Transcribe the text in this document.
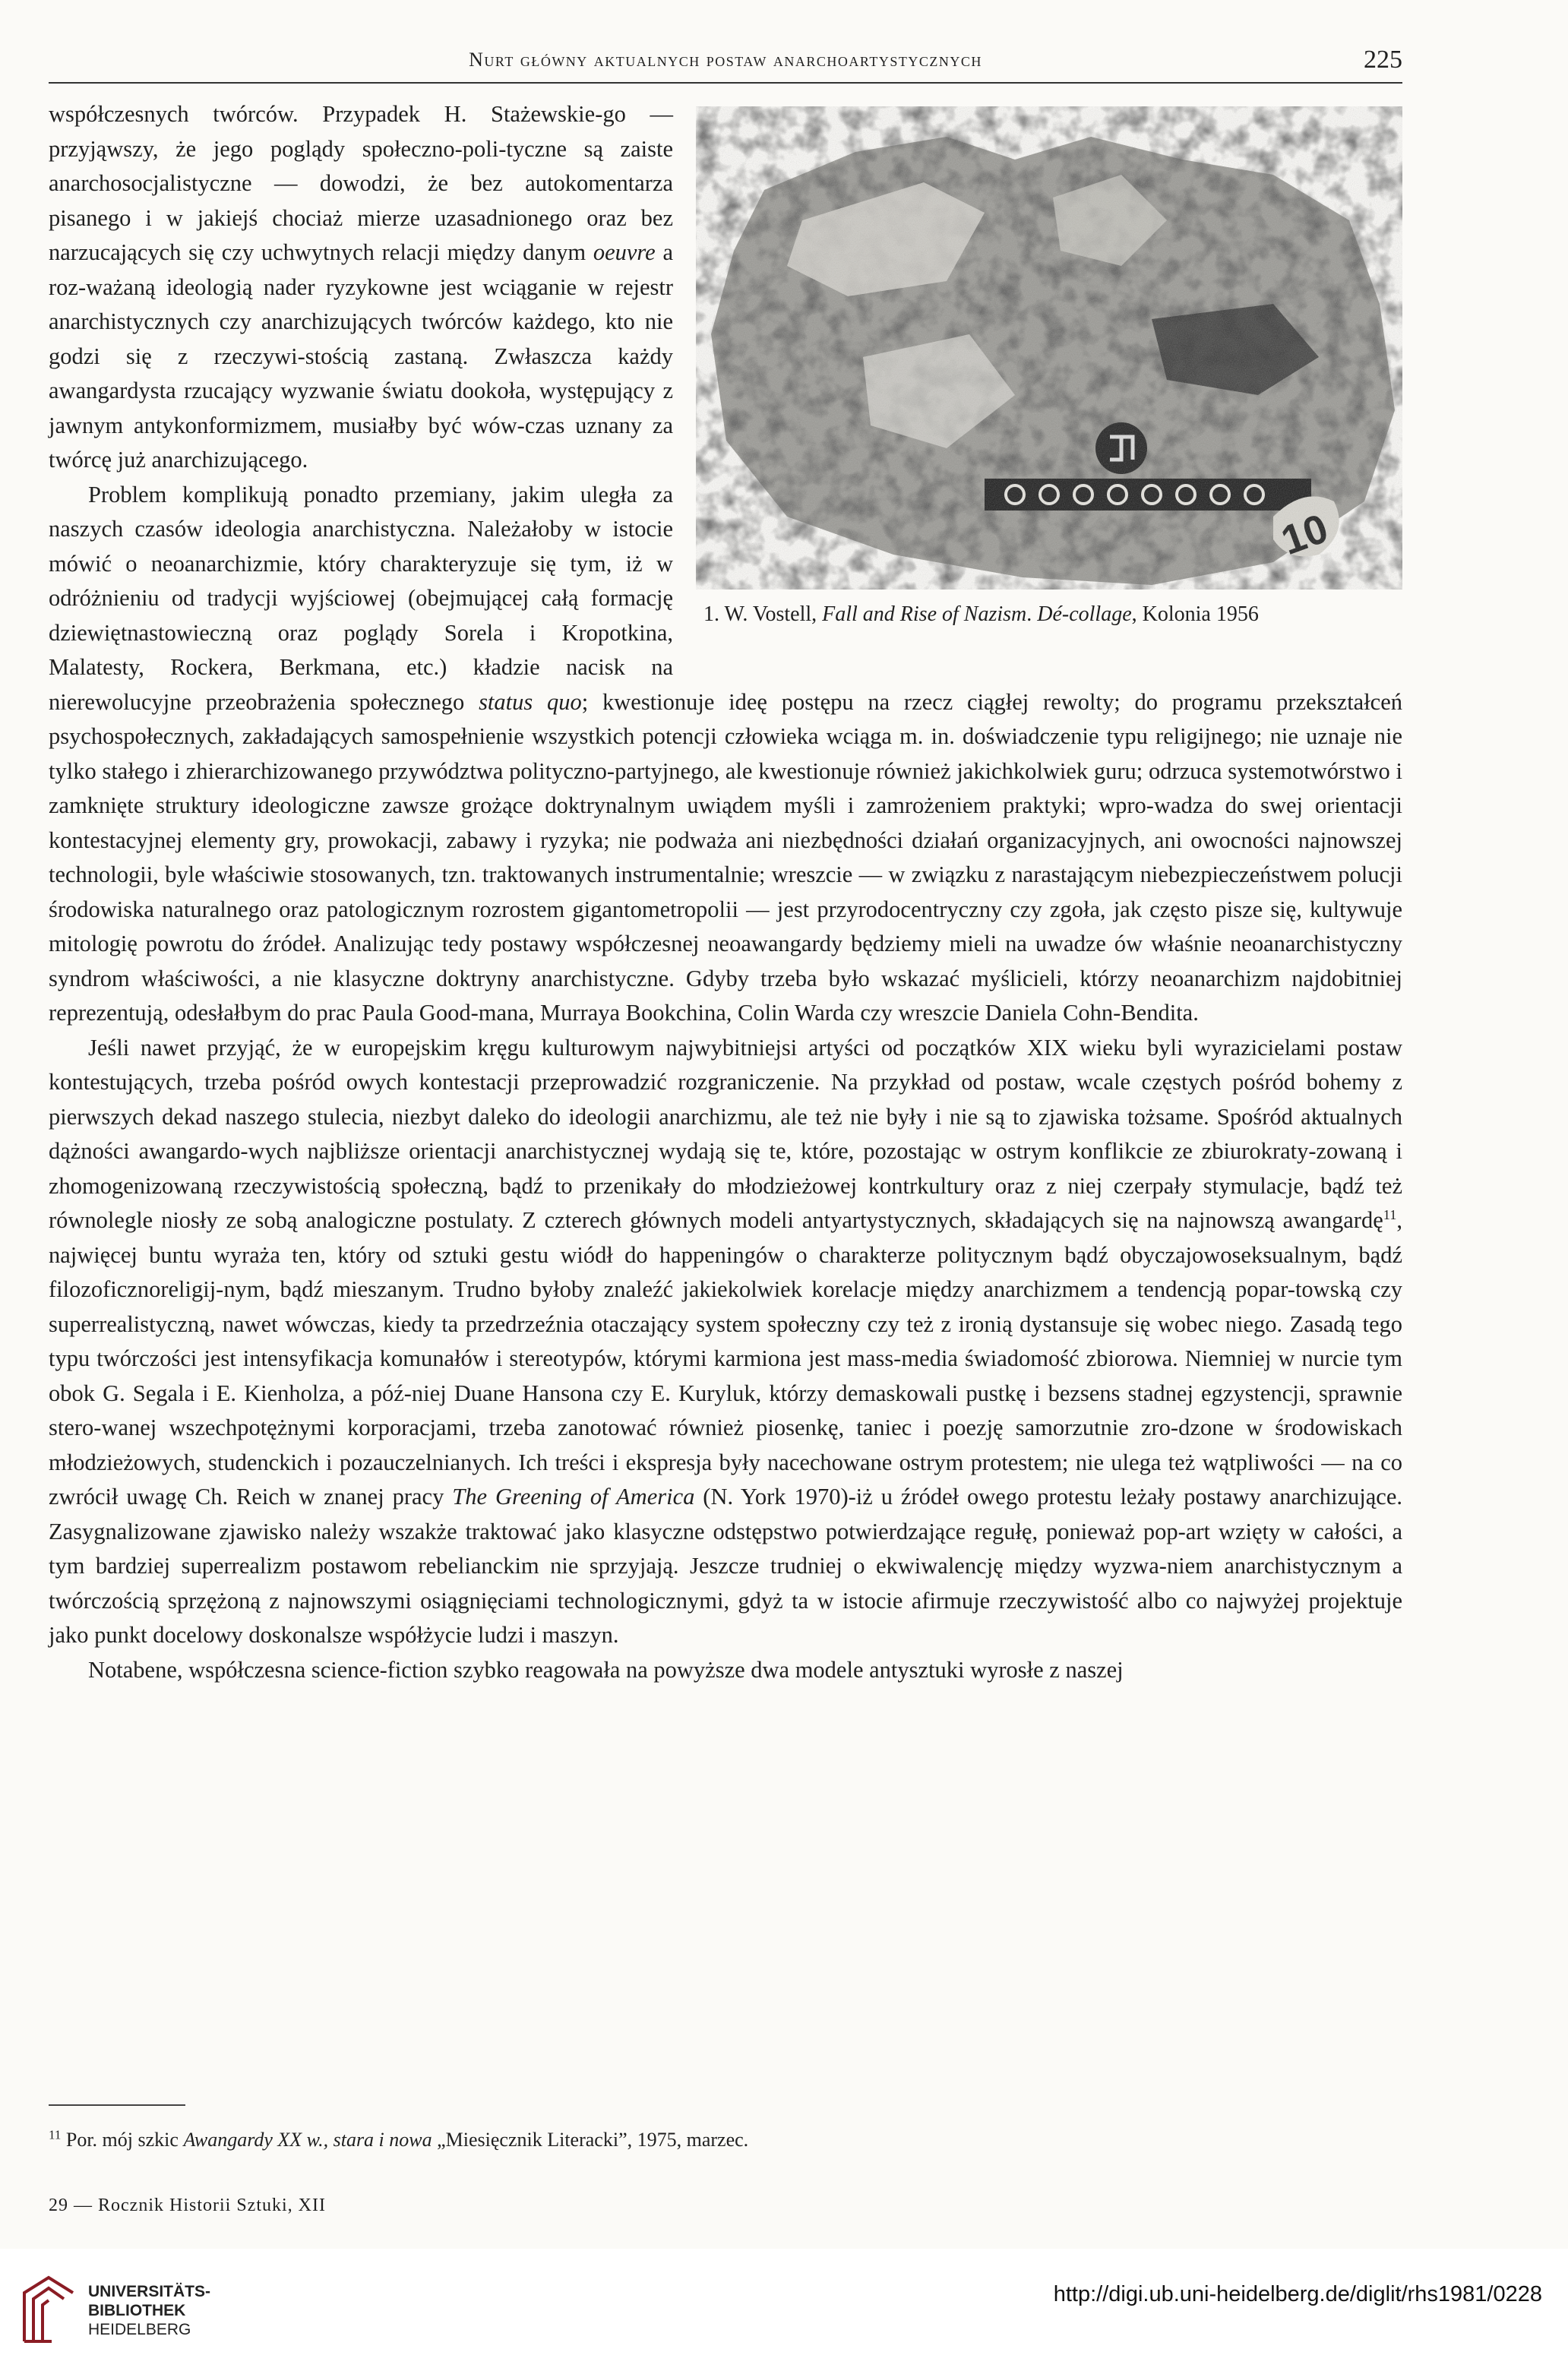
Nurt główny aktualnych postaw anarchoartystycznych	225
1. W. Vostell, Fall and Rise of Nazism. Dé-collage, Kolonia 1956

współczesnych twórców. Przypadek H. Stażewskie-go — przyjąwszy, że jego poglądy społeczno-poli-tyczne są zaiste anarchosocjalistyczne — dowodzi, że bez autokomentarza pisanego i w jakiejś chociaż mierze uzasadnionego oraz bez narzucających się czy uchwytnych relacji między danym oeuvre a roz-ważaną ideologią nader ryzykowne jest wciąganie w rejestr anarchistycznych czy anarchizujących twórców każdego, kto nie godzi się z rzeczywi-stością zastaną. Zwłaszcza każdy awangardysta rzucający wyzwanie światu dookoła, występujący z jawnym antykonformizmem, musiałby być wów-czas uznany za twórcę już anarchizującego.

Problem komplikują ponadto przemiany, jakim uległa za naszych czasów ideologia anarchistyczna. Należałoby w istocie mówić o neoanarchizmie, który charakteryzuje się tym, iż w odróżnieniu od tradycji wyjściowej (obejmującej całą formację dziewiętnastowieczną oraz poglądy Sorela i Kropotkina, Malatesty, Rockera, Berkmana, etc.) kładzie nacisk na nierewolucyjne przeobrażenia społecznego status quo; kwestionuje ideę postępu na rzecz ciągłej rewolty; do programu przekształceń psychospołecznych, zakładających samospełnienie wszystkich potencji człowieka wciąga m. in. doświadczenie typu religijnego; nie uznaje nie tylko stałego i zhierarchizowanego przywództwa polityczno-partyjnego, ale kwestionuje również jakichkolwiek guru; odrzuca systemotwórstwo i zamknięte struktury ideologiczne zawsze grożące doktrynalnym uwiądem myśli i zamrożeniem praktyki; wpro-wadza do swej orientacji kontestacyjnej elementy gry, prowokacji, zabawy i ryzyka; nie podważa ani niezbędności działań organizacyjnych, ani owocności najnowszej technologii, byle właściwie stosowanych, tzn. traktowanych instrumentalnie; wreszcie — w związku z narastającym niebezpieczeństwem polucji środowiska naturalnego oraz patologicznym rozrostem gigantometropolii — jest przyrodocentryczny czy zgoła, jak często pisze się, kultywuje mitologię powrotu do źródeł. Analizując tedy postawy współczesnej neoawangardy będziemy mieli na uwadze ów właśnie neoanarchistyczny syndrom właściwości, a nie klasyczne doktryny anarchistyczne. Gdyby trzeba było wskazać myślicieli, którzy neoanarchizm najdobitniej reprezentują, odesłałbym do prac Paula Good-mana, Murraya Bookchina, Colin Warda czy wreszcie Daniela Cohn-Bendita.

Jeśli nawet przyjąć, że w europejskim kręgu kulturowym najwybitniejsi artyści od początków XIX wieku byli wyrazicielami postaw kontestujących, trzeba pośród owych kontestacji przeprowadzić rozgraniczenie. Na przykład od postaw, wcale częstych pośród bohemy z pierwszych dekad naszego stulecia, niezbyt daleko do ideologii anarchizmu, ale też nie były i nie są to zjawiska tożsame. Spośród aktualnych dążności awangardo-wych najbliższe orientacji anarchistycznej wydają się te, które, pozostając w ostrym konflikcie ze zbiurokraty-zowaną i zhomogenizowaną rzeczywistością społeczną, bądź to przenikały do młodzieżowej kontrkultury oraz z niej czerpały stymulacje, bądź też równolegle niosły ze sobą analogiczne postulaty. Z czterech głównych modeli antyartystycznych, składających się na najnowszą awangardę$^{11}$, najwięcej buntu wyraża ten, który od sztuki gestu wiódł do happeningów o charakterze politycznym bądź obyczajowoseksualnym, bądź filozoficznoreligij-nym, bądź mieszanym. Trudno byłoby znaleźć jakiekolwiek korelacje między anarchizmem a tendencją popar-towską czy superrealistyczną, nawet wówczas, kiedy ta przedrzeźnia otaczający system społeczny czy też z ironią dystansuje się wobec niego. Zasadą tego typu twórczości jest intensyfikacja komunałów i stereotypów, którymi karmiona jest mass-media świadomość zbiorowa. Niemniej w nurcie tym obok G. Segala i E. Kienholza, a póź-niej Duane Hansona czy E. Kuryluk, którzy demaskowali pustkę i bezsens stadnej egzystencji, sprawnie stero-wanej wszechpotężnymi korporacjami, trzeba zanotować również piosenkę, taniec i poezję samorzutnie zro-dzone w środowiskach młodzieżowych, studenckich i pozauczelnianych. Ich treści i ekspresja były nacechowane ostrym protestem; nie ulega też wątpliwości — na co zwrócił uwagę Ch. Reich w znanej pracy The Greening of America (N. York 1970)-iż u źródeł owego protestu leżały postawy anarchizujące. Zasygnalizowane zjawisko należy wszakże traktować jako klasyczne odstępstwo potwierdzające regułę, ponieważ pop-art wzięty w całości, a tym bardziej superrealizm postawom rebelianckim nie sprzyjają. Jeszcze trudniej o ekwiwalencję między wyzwa-niem anarchistycznym a twórczością sprzężoną z najnowszymi osiągnięciami technologicznymi, gdyż ta w istocie afirmuje rzeczywistość albo co najwyżej projektuje jako punkt docelowy doskonalsze współżycie ludzi i maszyn.

Notabene, współczesna science-fiction szybko reagowała na powyższe dwa modele antysztuki wyrosłe z naszej

$^{11}$ Por. mój szkic Awangardy XX w., stara i nowa „Miesięcznik Literacki”, 1975, marzec.
29 — Rocznik Historii Sztuki, XII
UNIVERSITÄTS-
BIBLIOTHEK
HEIDELBERG
http://digi.ub.uni-heidelberg.de/diglit/rhs1981/0228
